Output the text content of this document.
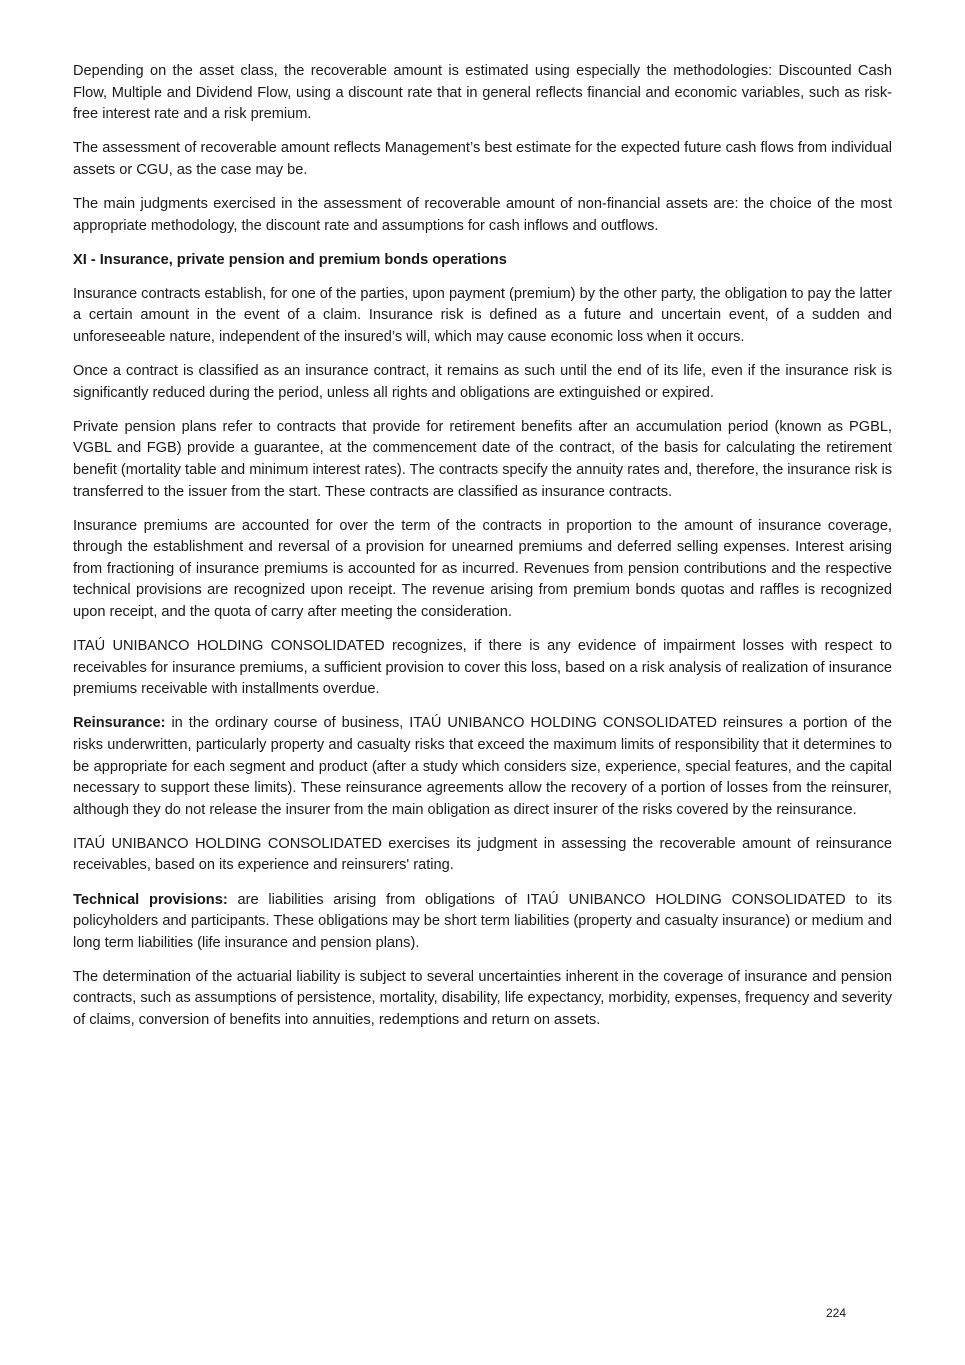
Depending on the asset class, the recoverable amount is estimated using especially the methodologies: Discounted Cash Flow, Multiple and Dividend Flow, using a discount rate that in general reflects financial and economic variables, such as risk-free interest rate and a risk premium.

The assessment of recoverable amount reflects Management’s best estimate for the expected future cash flows from individual assets or CGU, as the case may be.

The main judgments exercised in the assessment of recoverable amount of non-financial assets are: the choice of the most appropriate methodology, the discount rate and assumptions for cash inflows and outflows.

XI - Insurance, private pension and premium bonds operations

Insurance contracts establish, for one of the parties, upon payment (premium) by the other party, the obligation to pay the latter a certain amount in the event of a claim. Insurance risk is defined as a future and uncertain event, of a sudden and unforeseeable nature, independent of the insured’s will, which may cause economic loss when it occurs.

Once a contract is classified as an insurance contract, it remains as such until the end of its life, even if the insurance risk is significantly reduced during the period, unless all rights and obligations are extinguished or expired.

Private pension plans refer to contracts that provide for retirement benefits after an accumulation period (known as PGBL, VGBL and FGB) provide a guarantee, at the commencement date of the contract, of the basis for calculating the retirement benefit (mortality table and minimum interest rates). The contracts specify the annuity rates and, therefore, the insurance risk is transferred to the issuer from the start. These contracts are classified as insurance contracts.

Insurance premiums are accounted for over the term of the contracts in proportion to the amount of insurance coverage, through the establishment and reversal of a provision for unearned premiums and deferred selling expenses. Interest arising from fractioning of insurance premiums is accounted for as incurred. Revenues from pension contributions and the respective technical provisions are recognized upon receipt. The revenue arising from premium bonds quotas and raffles is recognized upon receipt, and the quota of carry after meeting the consideration.

ITAÚ UNIBANCO HOLDING CONSOLIDATED recognizes, if there is any evidence of impairment losses with respect to receivables for insurance premiums, a sufficient provision to cover this loss, based on a risk analysis of realization of insurance premiums receivable with installments overdue.

Reinsurance: in the ordinary course of business, ITAÚ UNIBANCO HOLDING CONSOLIDATED reinsures a portion of the risks underwritten, particularly property and casualty risks that exceed the maximum limits of responsibility that it determines to be appropriate for each segment and product (after a study which considers size, experience, special features, and the capital necessary to support these limits). These reinsurance agreements allow the recovery of a portion of losses from the reinsurer, although they do not release the insurer from the main obligation as direct insurer of the risks covered by the reinsurance.

ITAÚ UNIBANCO HOLDING CONSOLIDATED exercises its judgment in assessing the recoverable amount of reinsurance receivables, based on its experience and reinsurers' rating.

Technical provisions: are liabilities arising from obligations of ITAÚ UNIBANCO HOLDING CONSOLIDATED to its policyholders and participants. These obligations may be short term liabilities (property and casualty insurance) or medium and long term liabilities (life insurance and pension plans).

The determination of the actuarial liability is subject to several uncertainties inherent in the coverage of insurance and pension contracts, such as assumptions of persistence, mortality, disability, life expectancy, morbidity, expenses, frequency and severity of claims, conversion of benefits into annuities, redemptions and return on assets.

224
